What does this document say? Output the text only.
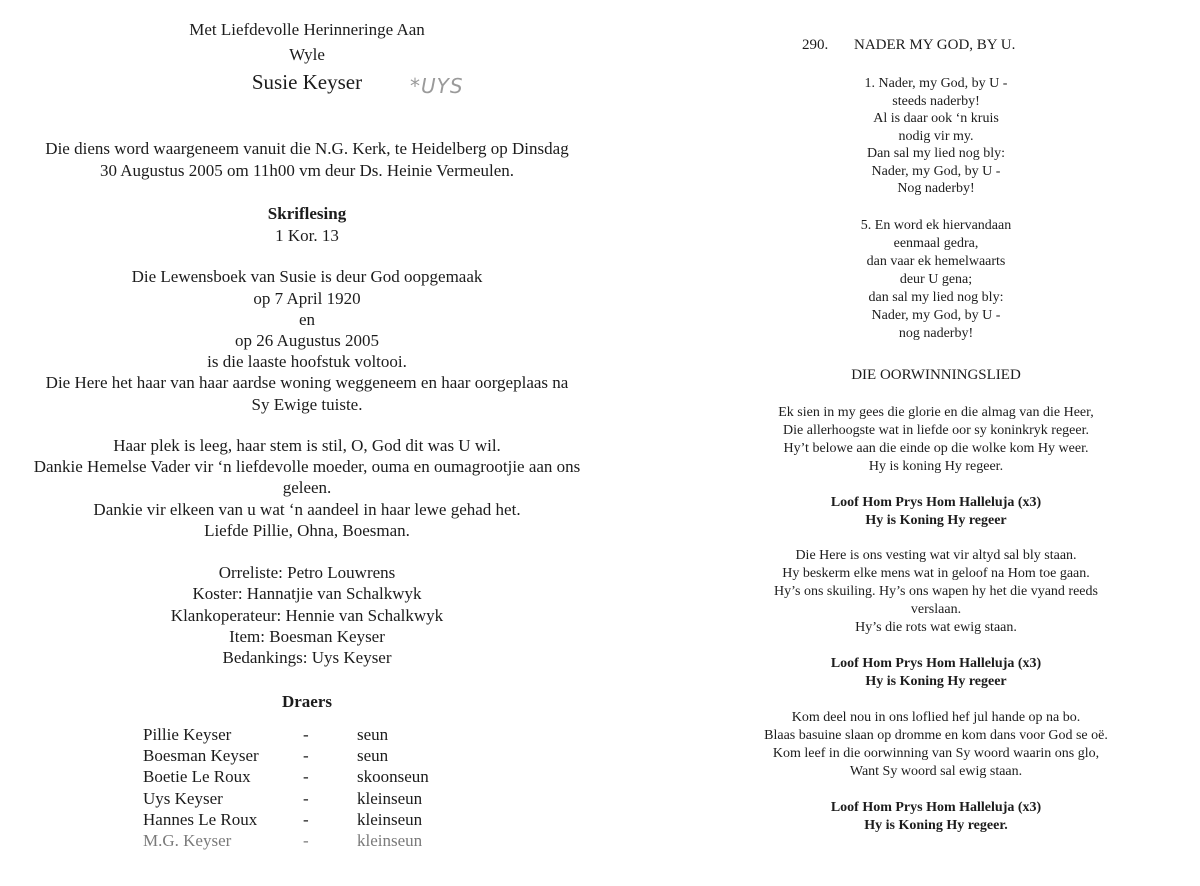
Met Liefdevolle Herinneringe Aan
Wyle
Susie Keyser *UYS
Die diens word waargeneem vanuit die N.G. Kerk, te Heidelberg op Dinsdag
30 Augustus 2005 om 11h00 vm deur Ds. Heinie Vermeulen.
Skriflesing
1 Kor. 13
Die Lewensboek van Susie is deur God oopgemaak
op 7 April 1920
en
op 26 Augustus 2005
is die laaste hoofstuk voltooi.
Die Here het haar van haar aardse woning weggeneem en haar oorgeplaas na
Sy Ewige tuiste.
Haar plek is leeg, haar stem is stil, O, God dit was U wil.
Dankie Hemelse Vader vir ‘n liefdevolle moeder, ouma en oumagrootjie aan ons
geleen.
Dankie vir elkeen van u wat ‘n aandeel in haar lewe gehad het.
Liefde Pillie, Ohna, Boesman.
Orreliste: Petro Louwrens
Koster: Hannatjie van Schalkwyk
Klankoperateur: Hennie van Schalkwyk
Item: Boesman Keyser
Bedankings: Uys Keyser
Draers
Pillie Keyser	-	seun
Boesman Keyser	-	seun
Boetie Le Roux	-	skoonseun
Uys Keyser	-	kleinseun
Hannes Le Roux	-	kleinseun
M.G. Keyser	-	kleinseun
290. NADER MY GOD, BY U.
1. Nader, my God, by U -
steeds naderby!
Al is daar ook ‘n kruis
nodig vir my.
Dan sal my lied nog bly:
Nader, my God, by U -
Nog naderby!
5. En word ek hiervandaan
eenmaal gedra,
dan vaar ek hemelwaarts
deur U gena;
dan sal my lied nog bly:
Nader, my God, by U -
nog naderby!
DIE OORWINNINGSLIED
Ek sien in my gees die glorie en die almag van die Heer,
Die allerhoogste wat in liefde oor sy koninkryk regeer.
Hy’t belowe aan die einde op die wolke kom Hy weer.
Hy is koning Hy regeer.
Loof Hom Prys Hom Halleluja (x3)
Hy is Koning Hy regeer
Die Here is ons vesting wat vir altyd sal bly staan.
Hy beskerm elke mens wat in geloof na Hom toe gaan.
Hy’s ons skuiling. Hy’s ons wapen hy het die vyand reeds
verslaan.
Hy’s die rots wat ewig staan.
Loof Hom Prys Hom Halleluja (x3)
Hy is Koning Hy regeer
Kom deel nou in ons loflied hef jul hande op na bo.
Blaas basuine slaan op dromme en kom dans voor God se oë.
Kom leef in die oorwinning van Sy woord waarin ons glo,
Want Sy woord sal ewig staan.
Loof Hom Prys Hom Halleluja (x3)
Hy is Koning Hy regeer.
